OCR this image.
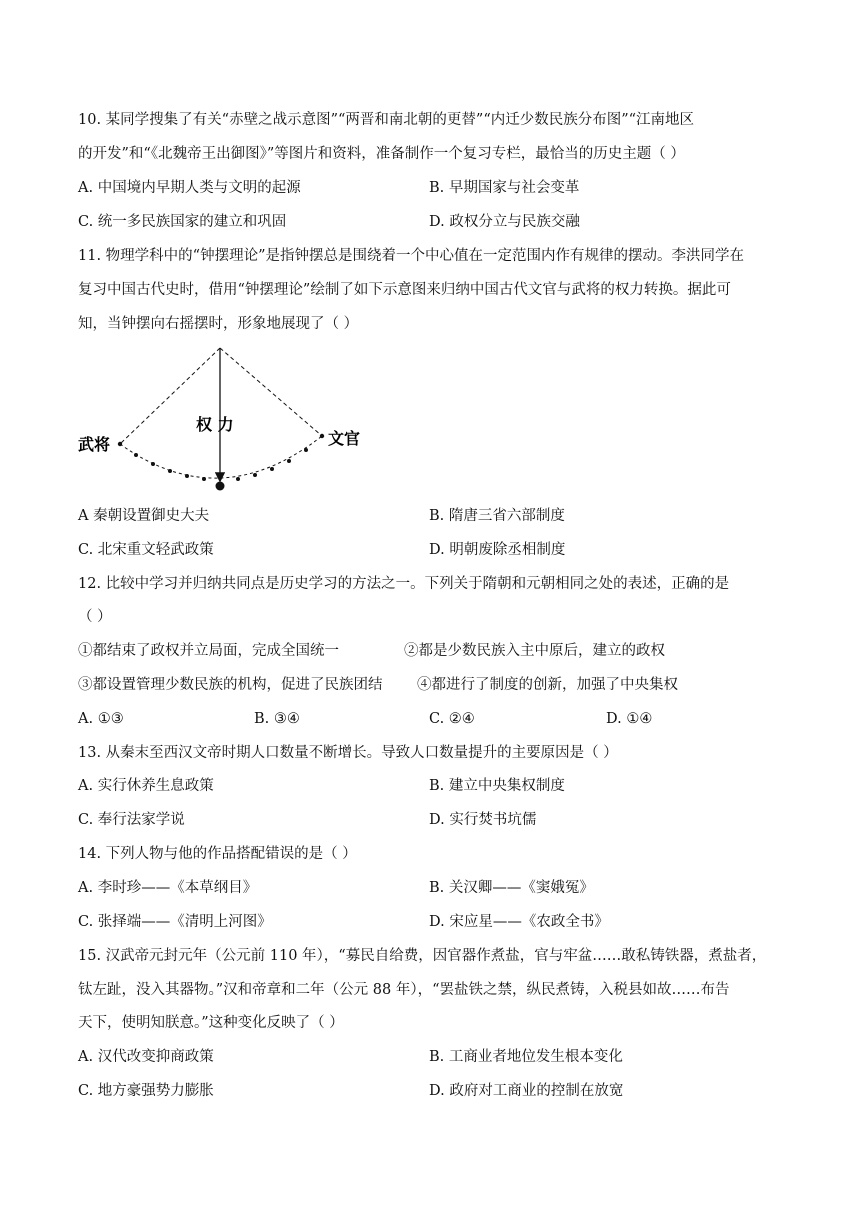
10. 某同学搜集了有关“赤壁之战示意图”“两晋和南北朝的更替”“内迁少数民族分布图”“江南地区
的开发”和“《北魏帝王出御图》”等图片和资料，准备制作一个复习专栏，最恰当的历史主题（ ）
A. 中国境内早期人类与文明的起源	B. 早期国家与社会变革
C. 统一多民族国家的建立和巩固	D. 政权分立与民族交融
11. 物理学科中的“钟摆理论”是指钟摆总是围绕着一个中心值在一定范围内作有规律的摆动。李洪同学在
复习中国古代史时，借用“钟摆理论”绘制了如下示意图来归纳中国古代文官与武将的权力转换。据此可
知，当钟摆向右摇摆时，形象地展现了（ ）
武将
权 力
文官
A 秦朝设置御史大夫	B. 隋唐三省六部制度
C. 北宋重文轻武政策	D. 明朝废除丞相制度
12. 比较中学习并归纳共同点是历史学习的方法之一。下列关于隋朝和元朝相同之处的表述，正确的是
（ ）
①都结束了政权并立局面，完成全国统一	②都是少数民族入主中原后，建立的政权
③都设置管理少数民族的机构，促进了民族团结 ④都进行了制度的创新，加强了中央集权
A. ①③	B. ③④	C. ②④	D. ①④
13. 从秦末至西汉文帝时期人口数量不断增长。导致人口数量提升的主要原因是（ ）
A. 实行休养生息政策	B. 建立中央集权制度
C. 奉行法家学说	D. 实行焚书坑儒
14. 下列人物与他的作品搭配错误的是（ ）
A. 李时珍——《本草纲目》	B. 关汉卿——《窦娥冤》
C. 张择端——《清明上河图》	D. 宋应星——《农政全书》
15. 汉武帝元封元年（公元前 110 年），“募民自给费，因官器作煮盐，官与牢盆……敢私铸铁器，煮盐者，
钛左趾，没入其器物。”汉和帝章和二年（公元 88 年），“罢盐铁之禁，纵民煮铸，入税县如故……布告
天下，使明知朕意。”这种变化反映了（ ）
A. 汉代改变抑商政策	B. 工商业者地位发生根本变化
C. 地方豪强势力膨胀	D. 政府对工商业的控制在放宽
